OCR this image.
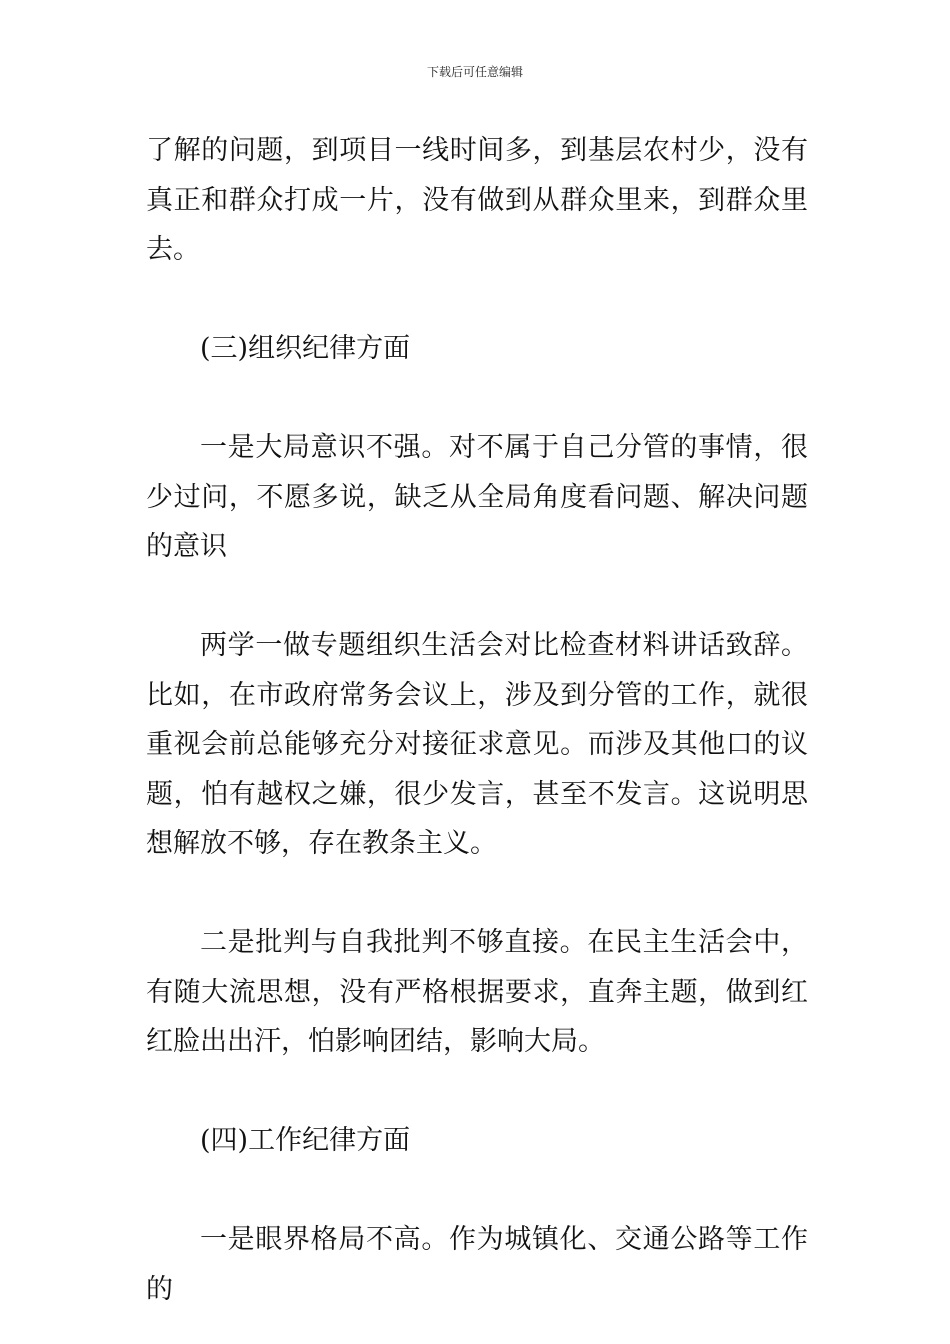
下载后可任意编辑

了解的问题，到项目一线时间多，到基层农村少，没有真正和群众打成一片，没有做到从群众里来，到群众里去。

(三)组织纪律方面

一是大局意识不强。对不属于自己分管的事情，很少过问，不愿多说，缺乏从全局角度看问题、解决问题的意识

两学一做专题组织生活会对比检查材料讲话致辞。比如，在市政府常务会议上，涉及到分管的工作，就很重视会前总能够充分对接征求意见。而涉及其他口的议题，怕有越权之嫌，很少发言，甚至不发言。这说明思想解放不够，存在教条主义。

二是批判与自我批判不够直接。在民主生活会中，有随大流思想，没有严格根据要求，直奔主题，做到红红脸出出汗，怕影响团结，影响大局。

(四)工作纪律方面

一是眼界格局不高。作为城镇化、交通公路等工作的
